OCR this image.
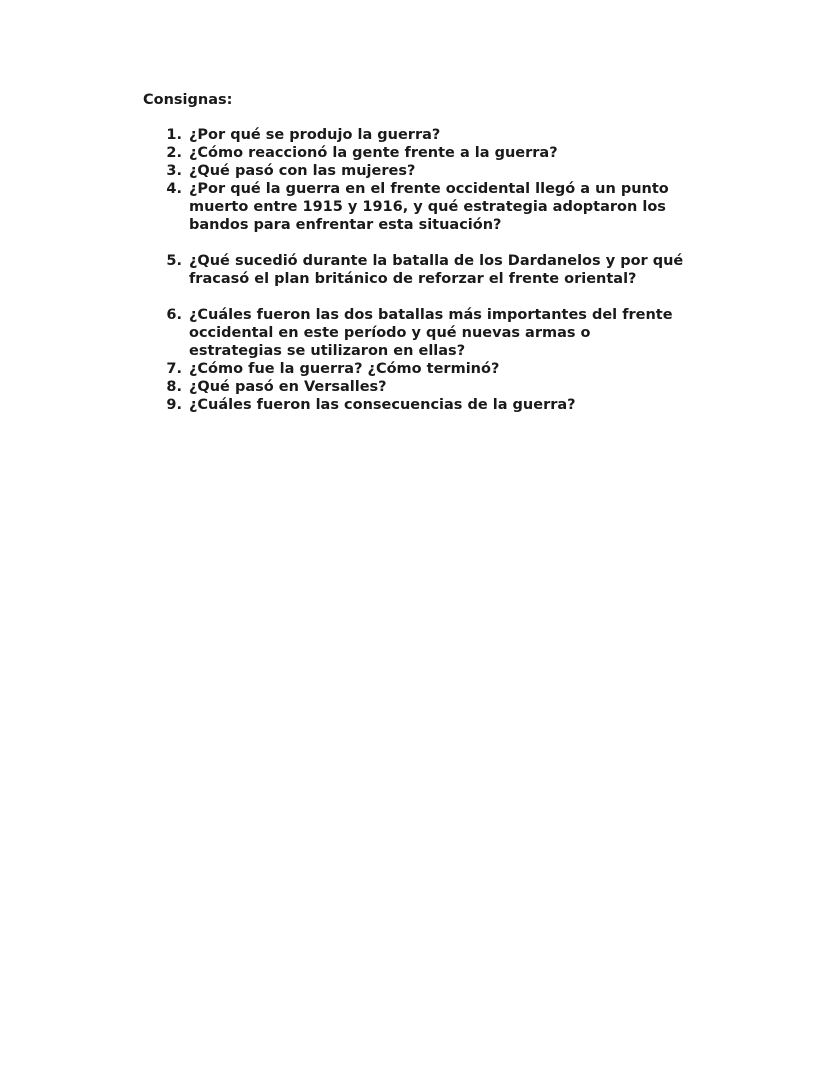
Consignas:
1. ¿Por qué se produjo la guerra?
2. ¿Cómo reaccionó la gente frente a la guerra?
3. ¿Qué pasó con las mujeres?
4. ¿Por qué la guerra en el frente occidental llegó a un punto
muerto entre 1915 y 1916, y qué estrategia adoptaron los
bandos para enfrentar esta situación?
5. ¿Qué sucedió durante la batalla de los Dardanelos y por qué
fracasó el plan británico de reforzar el frente oriental?
6. ¿Cuáles fueron las dos batallas más importantes del frente
occidental en este período y qué nuevas armas o
estrategias se utilizaron en ellas?
7. ¿Cómo fue la guerra? ¿Cómo terminó?
8. ¿Qué pasó en Versalles?
9. ¿Cuáles fueron las consecuencias de la guerra?
